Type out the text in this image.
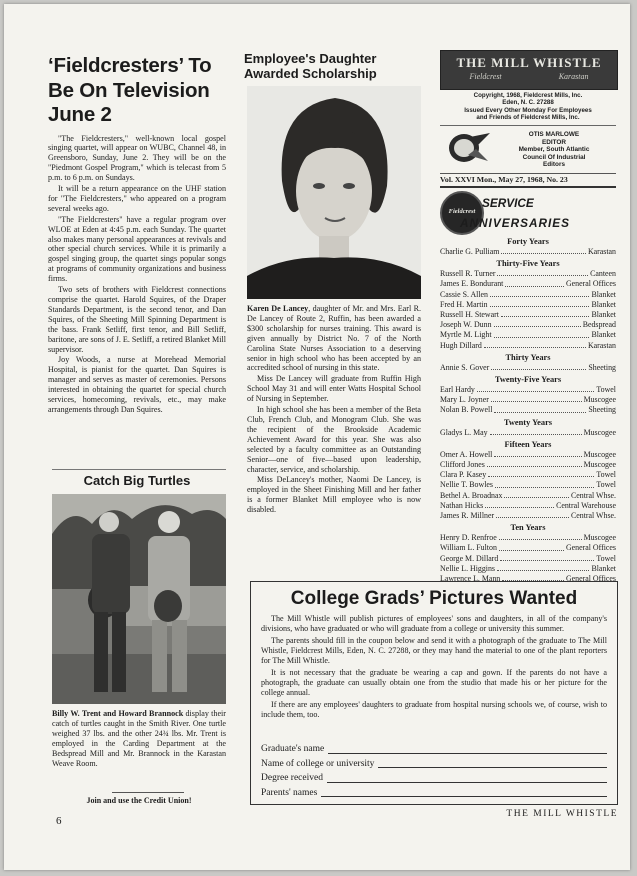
‘Fieldcresters’ To Be On Television June 2

"The Fieldcresters," well-known local gospel singing quartet, will appear on WUBC, Channel 48, in Greensboro, Sunday, June 2. They will be on the "Piedmont Gospel Program," which is telecast from 5 p.m. to 6 p.m. on Sundays.

It will be a return appearance on the UHF station for "The Fieldcresters," who appeared on a program several weeks ago.

"The Fieldcresters" have a regular program over WLOE at Eden at 4:45 p.m. each Sunday. The quartet also makes many personal appearances at revivals and other special church services. While it is primarily a gospel singing group, the quartet sings popular songs at programs of community organizations and business firms.

Two sets of brothers with Fieldcrest connections comprise the quartet. Harold Squires, of the Draper Standards Department, is the second tenor, and Dan Squires, of the Sheeting Mill Spinning Department is the bass. Frank Setliff, first tenor, and Bill Setliff, baritone, are sons of J. E. Setliff, a retired Blanket Mill supervisor.

Joy Woods, a nurse at Morehead Memorial Hospital, is pianist for the quartet. Dan Squires is manager and serves as master of ceremonies. Persons interested in obtaining the quartet for special church services, homecoming, revivals, etc., may make arrangements through Dan Squires.

Catch Big Turtles
Billy W. Trent and Howard Brannock display their catch of turtles caught in the Smith River. One turtle weighed 37 lbs. and the other 24¾ lbs. Mr. Trent is employed in the Carding Department at the Bedspread Mill and Mr. Brannock in the Karastan Weave Room.
Join and use the Credit Union!
Employee's Daughter Awarded Scholarship

Karen De Lancey, daughter of Mr. and Mrs. Earl R. De Lancey of Route 2, Ruffin, has been awarded a $300 scholarship for nurses training. This award is given annually by District No. 7 of the North Carolina State Nurses Association to a deserving senior in high school who has been accepted by an accredited school of nursing in this state.

Miss De Lancey will graduate from Ruffin High School May 31 and will enter Watts Hospital School of Nursing in September.

In high school she has been a member of the Beta Club, French Club, and Monogram Club. She was the recipient of the Brookside Academic Achievement Award for this year. She was also selected by a faculty committee as an Outstanding Senior—one of five—based upon leadership, character, service, and scholarship.

Miss DeLancey's mother, Naomi De Lancey, is employed in the Sheet Finishing Mill and her father is a former Blanket Mill employee who is now disabled.

THE MILL WHISTLE
Fieldcrest	Karastan
Copyright, 1968, Fieldcrest Mills, Inc.
Eden, N. C. 27288
Issued Every Other Monday For Employees
and Friends of Fieldcrest Mills, Inc.
OTIS MARLOWE
EDITOR
Member, South Atlantic
Council Of Industrial
Editors
Vol. XXVI Mon., May 27, 1968, No. 23
Fieldcrest
SERVICE
ANNIVERSARIES
Forty Years
Charlie G. Pulliam	Karastan
Thirty-Five Years
Russell R. Turner	Canteen
James E. Bondurant	General Offices
Cassie S. Allen	Blanket
Fred H. Martin	Blanket
Russell H. Stewart	Blanket
Joseph W. Dunn	Bedspread
Myrtle M. Light	Blanket
Hugh Dillard	Karastan
Thirty Years
Annie S. Gover	Sheeting
Twenty-Five Years
Earl Hardy	Towel
Mary L. Joyner	Muscogee
Nolan B. Powell	Sheeting
Twenty Years
Gladys L. May	Muscogee
Fifteen Years
Omer A. Howell	Muscogee
Clifford Jones	Muscogee
Clara P. Kasey	Towel
Nellie T. Bowles	Towel
Bethel A. Broadnax	Central Whse.
Nathan Hicks	Central Warehouse
James R. Millner	Central Whse.
Ten Years
Henry D. Renfroe	Muscogee
William L. Fulton	General Offices
George M. Dillard	Towel
Nellie L. Higgins	Blanket
Lawrence L. Mann	General Offices
College Grads’ Pictures Wanted

The Mill Whistle will publish pictures of employees' sons and daughters, in all of the company's divisions, who have graduated or who will graduate from a college or university this summer.

The parents should fill in the coupon below and send it with a photograph of the graduate to The Mill Whistle, Fieldcrest Mills, Eden, N. C. 27288, or they may hand the material to one of the plant reporters for The Mill Whistle.

It is not necessary that the graduate be wearing a cap and gown. If the parents do not have a photograph, the graduate can usually obtain one from the studio that made his or her picture for the college annual.

If there are any employees' daughters to graduate from hospital nursing schools we, of course, wish to include them, too.

Graduate's name
Name of college or university
Degree received
Parents' names
6
THE MILL WHISTLE
